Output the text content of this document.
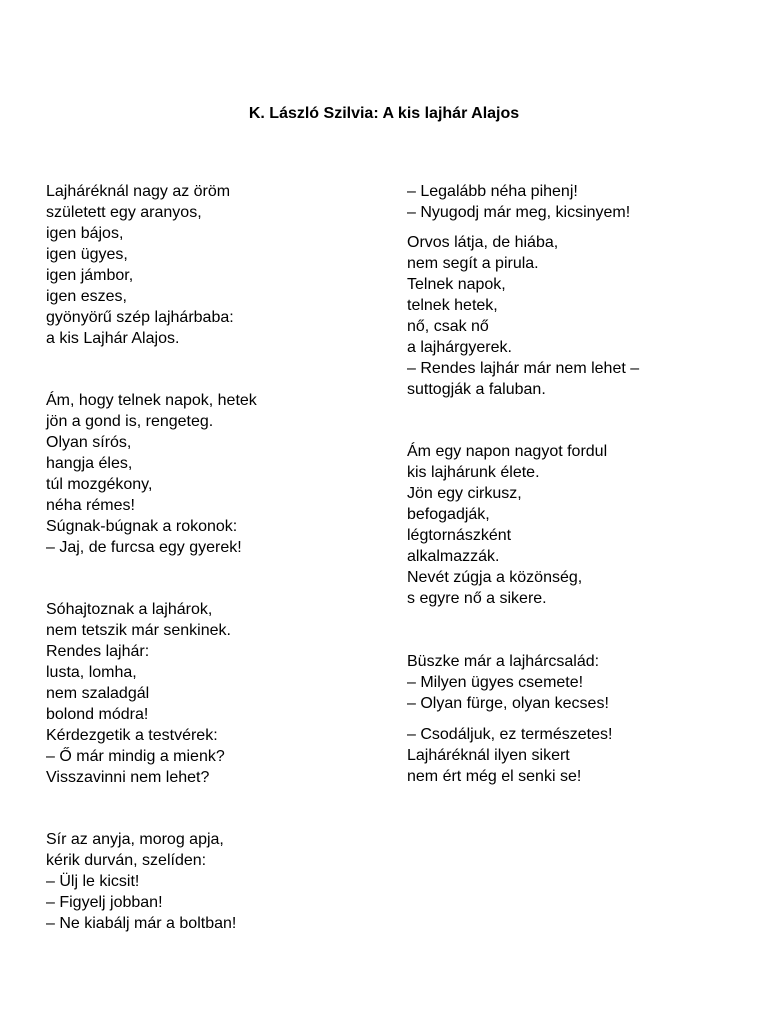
K. László Szilvia: A kis lajhár Alajos
Lajháréknál nagy az öröm
született egy aranyos,
igen bájos,
igen ügyes,
igen jámbor,
igen eszes,
gyönyörű szép lajhárbaba:
a kis Lajhár Alajos.
Ám, hogy telnek napok, hetek
jön a gond is, rengeteg.
Olyan sírós,
hangja éles,
túl mozgékony,
néha rémes!
Súgnak-búgnak a rokonok:
– Jaj, de furcsa egy gyerek!
Sóhajtoznak a lajhárok,
nem tetszik már senkinek.
Rendes lajhár:
lusta, lomha,
nem szaladgál
bolond módra!
Kérdezgetik a testvérek:
– Ő már mindig a mienk?
Visszavinni nem lehet?
Sír az anyja, morog apja,
kérik durván, szelíden:
– Ülj le kicsit!
– Figyelj jobban!
– Ne kiabálj már a boltban!
– Legalább néha pihenj!
– Nyugodj már meg, kicsinyem!
Orvos látja, de hiába,
nem segít a pirula.
Telnek napok,
telnek hetek,
nő, csak nő
a lajhárgyerek.
– Rendes lajhár már nem lehet –
suttogják a faluban.
Ám egy napon nagyot fordul
kis lajhárunk élete.
Jön egy cirkusz,
befogadják,
légtornászként
alkalmazzák.
Nevét zúgja a közönség,
s egyre nő a sikere.
Büszke már a lajhárcsalád:
– Milyen ügyes csemete!
– Olyan fürge, olyan kecses!
– Csodáljuk, ez természetes!
Lajháréknál ilyen sikert
nem ért még el senki se!
